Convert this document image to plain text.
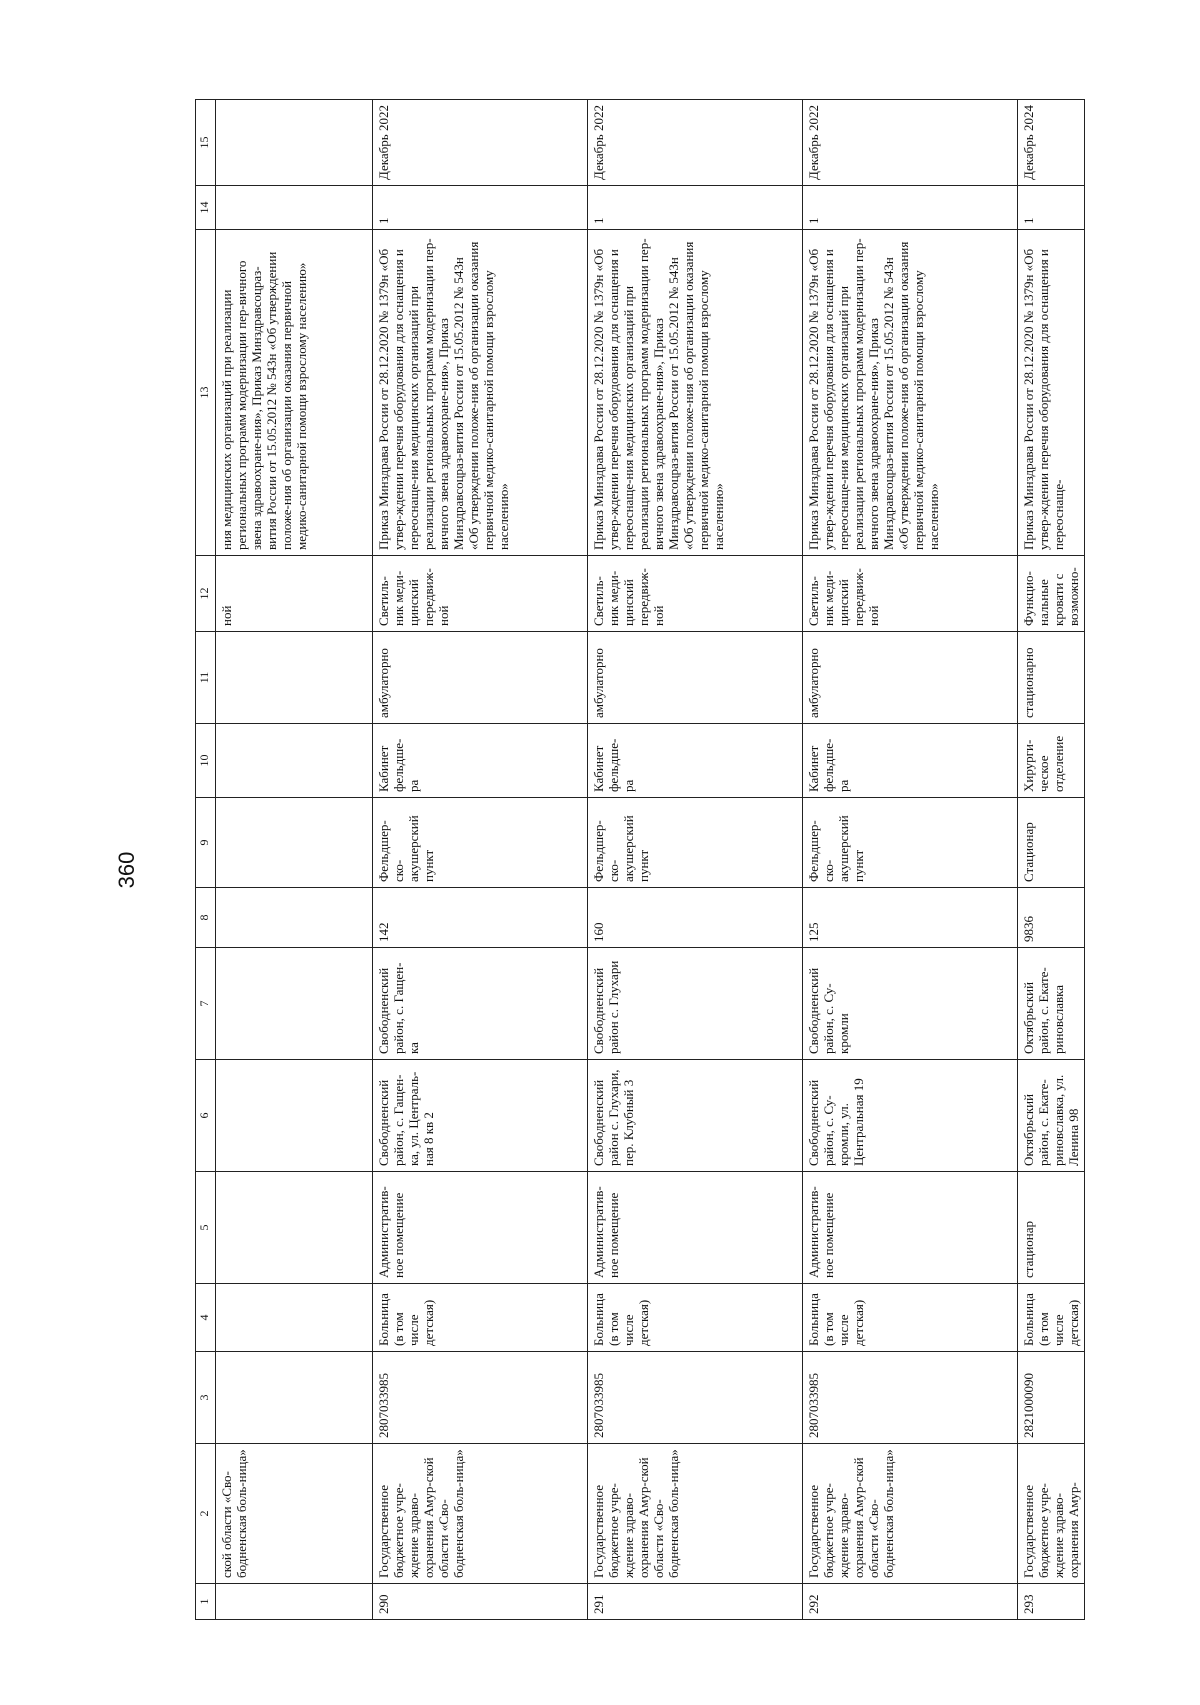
360
1	2	3	4	5	6	7	8	9	10	11	12	13	14	15
	ской области «Сво-бодненская боль-ница»										ной	ния медицинских организаций при реализации региональных программ модернизации пер-вичного звена здравоохране-ния», Приказ Минздравсоцраз-вития России от 15.05.2012 № 543н «Об утверждении положе-ния об организации оказания первичной медико-санитарной помощи взрослому населению»		
290	Государственное бюджетное учре-ждение здраво-охранения Амур-ской области «Сво-бодненская боль-ница»	2807033985	Больница (в том числе детская)	Административ-ное помещение	Свободненский район, с. Гащен-ка, ул. Централь-ная 8 кв 2	Свободненский район, с. Гащен-ка	142	Фельдшер-ско-акушерский пункт	Кабинет фельдше-ра	амбулаторно	Светиль-ник меди-цинский передвиж-ной	Приказ Минздрава России от 28.12.2020 № 1379н «Об утвер-ждении перечня оборудования для оснащения и переоснаще-ния медицинских организаций при реализации региональных программ модернизации пер-вичного звена здравоохране-ния», Приказ Минздравсоцраз-вития России от 15.05.2012 № 543н «Об утверждении положе-ния об организации оказания первичной медико-санитарной помощи взрослому населению»	1	Декабрь 2022
291	Государственное бюджетное учре-ждение здраво-охранения Амур-ской области «Сво-бодненская боль-ница»	2807033985	Больница (в том числе детская)	Административ-ное помещение	Свободненский район с. Глухари, пер. Клубный 3	Свободненский район с. Глухари	160	Фельдшер-ско-акушерский пункт	Кабинет фельдше-ра	амбулаторно	Светиль-ник меди-цинский передвиж-ной	Приказ Минздрава России от 28.12.2020 № 1379н «Об утвер-ждении перечня оборудования для оснащения и переоснаще-ния медицинских организаций при реализации региональных программ модернизации пер-вичного звена здравоохране-ния», Приказ Минздравсоцраз-вития России от 15.05.2012 № 543н «Об утверждении положе-ния об организации оказания первичной медико-санитарной помощи взрослому населению»	1	Декабрь 2022
292	Государственное бюджетное учре-ждение здраво-охранения Амур-ской области «Сво-бодненская боль-ница»	2807033985	Больница (в том числе детская)	Административ-ное помещение	Свободненский район, с. Су-кромли, ул. Центральная 19	Свободненский район, с. Су-кромли	125	Фельдшер-ско-акушерский пункт	Кабинет фельдше-ра	амбулаторно	Светиль-ник меди-цинский передвиж-ной	Приказ Минздрава России от 28.12.2020 № 1379н «Об утвер-ждении перечня оборудования для оснащения и переоснаще-ния медицинских организаций при реализации региональных программ модернизации пер-вичного звена здравоохране-ния», Приказ Минздравсоцраз-вития России от 15.05.2012 № 543н «Об утверждении положе-ния об организации оказания первичной медико-санитарной помощи взрослому населению»	1	Декабрь 2022
293	Государственное бюджетное учре-ждение здраво-охранения Амур-	2821000090	Больница (в том числе детская)	стационар	Октябрьский район, с. Екате-риновславка, ул. Ленина 98	Октябрьский район, с. Екате-риновславка	9836	Стационар	Хирурги-ческое отделение	стационарно	Функцио-нальные кровати с возможно-	Приказ Минздрава России от 28.12.2020 № 1379н «Об утвер-ждении перечня оборудования для оснащения и переоснаще-	1	Декабрь 2024
